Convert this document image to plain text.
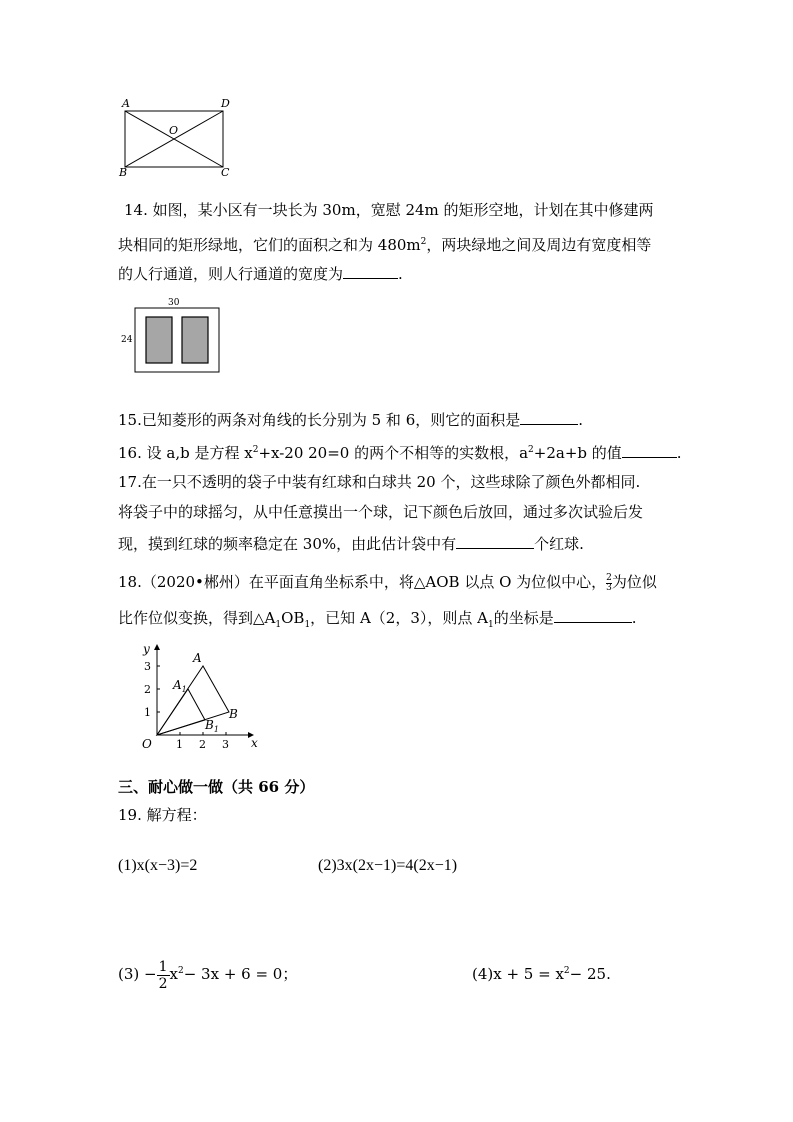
A	D
O
B	C
14. 如图，某小区有一块长为 30m，宽慰 24m 的矩形空地，计划在其中修建两
块相同的矩形绿地，它们的面积之和为 $480m^2$，两块绿地之间及周边有宽度相等
的人行通道，则人行通道的宽度为	.
30
24
15.已知菱形的两条对角线的长分别为 5 和 6，则它的面积是	.
16. 设 a,b 是方程 $x^2+x-20$ 20=0 的两个不相等的实数根，$a^2+2a+b$ 的值	.
17.在一只不透明的袋子中装有红球和白球共 20 个，这些球除了颜色外都相同.
将袋子中的球摇匀，从中任意摸出一个球，记下颜色后放回，通过多次试验后发
现，摸到红球的频率稳定在 30%，由此估计袋中有	个红球.
18.（2020•郴州）在平面直角坐标系中，将△AOB 以点 O 为位似中心， $\frac{2}{3}$ 为位似
比作位似变换，得到$\triangle A_1OB_1$，已知 A（2，3），则点 $A_1$的坐标是	.
y
x
O 1 2 3
1
2
3
A
$A_1$
B
$B_1$
三、耐心做一做（共 66 分）
19. 解方程：
(1)x(x−3)=2	(2)3x(2x−1)=4(2x−1)
$(3) - \frac{1}{2} x^2- 3x + 6 = 0$；	$(4)x + 5 = x^2- 25$.
